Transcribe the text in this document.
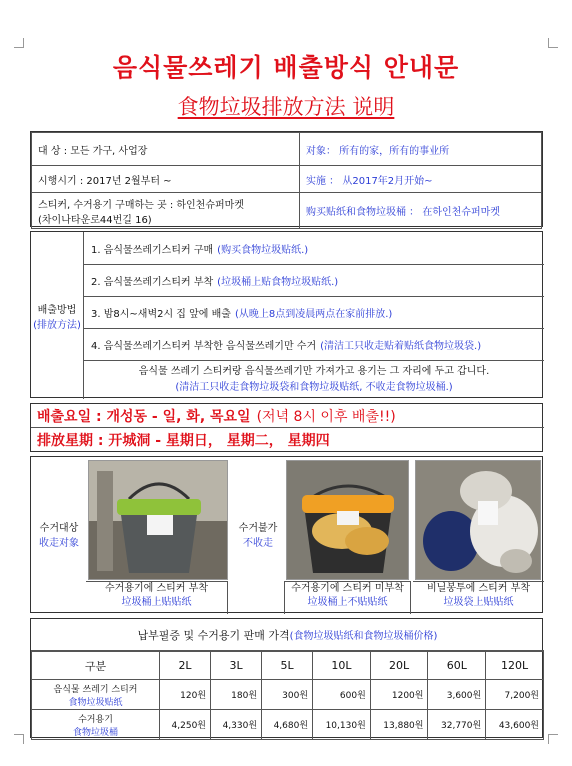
음식물쓰레기 배출방식 안내문
食物垃圾排放方法 说明
대 상 : 모든 가구, 사업장	对象： 所有的家，所有的事业所
시행시기 : 2017년 2월부터 ~	实施 ： 从2017年2月开始~

스티커, 수거용기 구매하는 곳 : 하인천슈퍼마켓
(차이나타운로44번길 16)	购买贴纸和食物垃圾桶 ： 在하인천슈퍼마켓
배출방법
(排放方法)
1. 음식물쓰레기스티커 구매 (购买食物垃圾贴纸.)
2. 음식물쓰레기스티커 부착 (垃圾桶上贴食物垃圾贴纸.)
3. 밤8시~새벽2시 집 앞에 배출 (从晚上8点到凌晨两点在家前排放.)
4. 음식물쓰레기스티커 부착한 음식물쓰레기만 수거 (清洁工只收走贴着贴纸食物垃圾袋.)
음식물 쓰레기 스티커랑 음식물쓰레기만 가져가고 용기는 그 자리에 두고 갑니다.
(清洁工只收走食物垃圾袋和食物垃圾贴纸, 不收走食物垃圾桶.)
배출요일 : 개성동 - 일, 화, 목요일 (저녁 8시 이후 배출!!)
排放星期 : 开城洞 - 星期日， 星期二， 星期四
수거대상
收走对象
수거불가
不收走
수거용기에 스티커 부착
垃圾桶上贴贴纸
수거용기에 스티커 미부착
垃圾桶上不贴贴纸
비닐봉투에 스티커 부착
垃圾袋上贴贴纸
납부필증 및 수거용기 판매 가격 (食物垃圾贴纸和食物垃圾桶价格)
구분	2L	3L	5L	10L	20L	60L	120L

음식물 쓰레기 스티커
食物垃圾贴纸	120원	180원	300원	600원	1200원	3,600원	7,200원

수거용기
食物垃圾桶	4,250원	4,330원	4,680원	10,130원	13,880원	32,770원	43,600원
